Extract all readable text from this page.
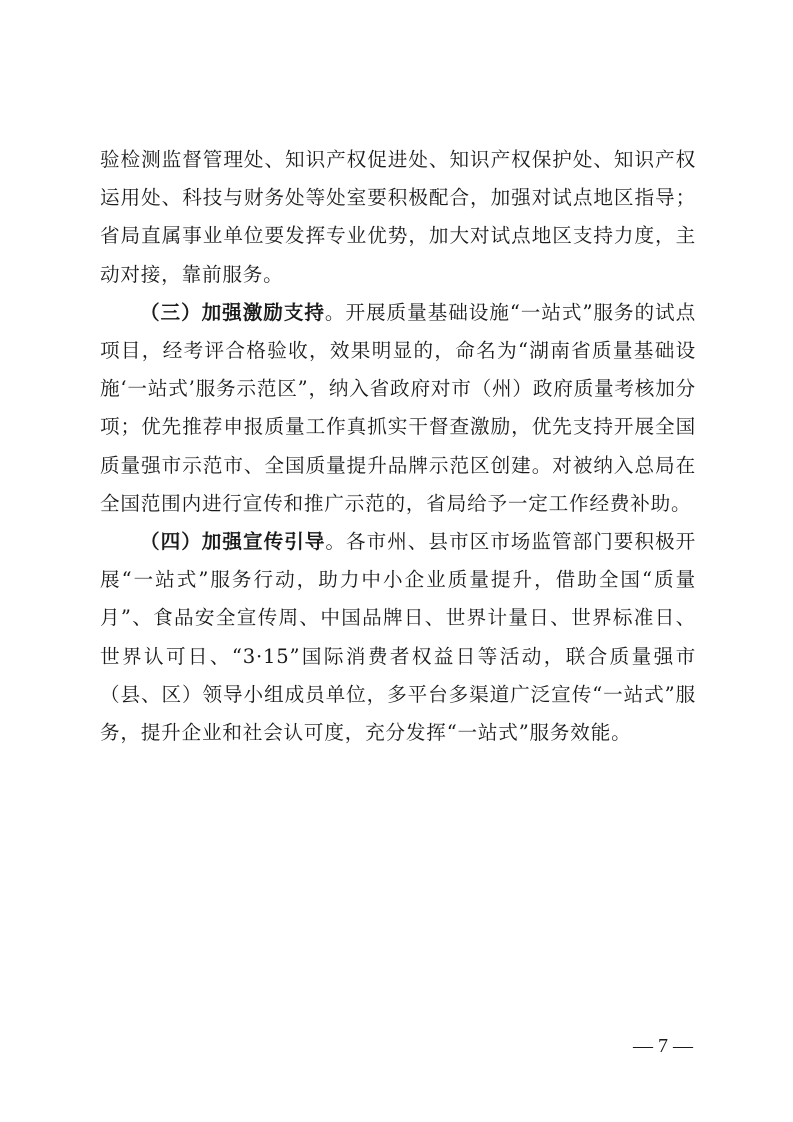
验检测监督管理处、知识产权促进处、知识产权保护处、知识产权运用处、科技与财务处等处室要积极配合，加强对试点地区指导；省局直属事业单位要发挥专业优势，加大对试点地区支持力度，主动对接，靠前服务。

（三）加强激励支持。开展质量基础设施“一站式”服务的试点项目，经考评合格验收，效果明显的，命名为“湖南省质量基础设施‘一站式’服务示范区”，纳入省政府对市（州）政府质量考核加分项；优先推荐申报质量工作真抓实干督查激励，优先支持开展全国质量强市示范市、全国质量提升品牌示范区创建。对被纳入总局在全国范围内进行宣传和推广示范的，省局给予一定工作经费补助。

（四）加强宣传引导。各市州、县市区市场监管部门要积极开展“一站式”服务行动，助力中小企业质量提升，借助全国“质量月”、食品安全宣传周、中国品牌日、世界计量日、世界标准日、世界认可日、“3·15”国际消费者权益日等活动，联合质量强市（县、区）领导小组成员单位，多平台多渠道广泛宣传“一站式”服务，提升企业和社会认可度，充分发挥“一站式”服务效能。

— 7 —
